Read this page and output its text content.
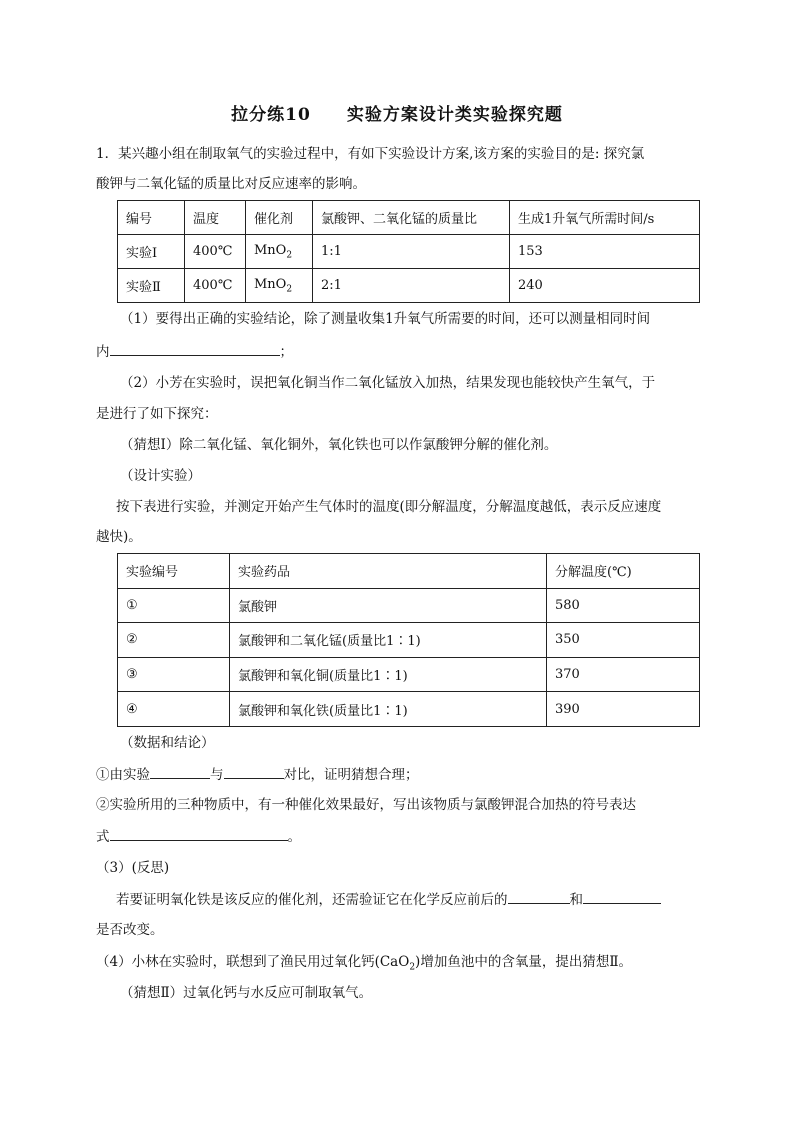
拉分练10　　实验方案设计类实验探究题
1．某兴趣小组在制取氧气的实验过程中，有如下实验设计方案,该方案的实验目的是: 探究氯
酸钾与二氧化锰的质量比对反应速率的影响。
编号	温度	催化剂	氯酸钾、二氧化锰的质量比	生成1升氧气所需时间/s
实验Ⅰ	400℃	MnO$_2$	1:1	153
实验Ⅱ	400℃	MnO$_2$	2:1	240
（1）要得出正确的实验结论，除了测量收集1升氧气所需要的时间，还可以测量相同时间
内	；
（2）小芳在实验时，误把氧化铜当作二氧化锰放入加热，结果发现也能较快产生氧气，于
是进行了如下探究：
（猜想Ⅰ）除二氧化锰、氧化铜外，氧化铁也可以作氯酸钾分解的催化剂。
（设计实验）
按下表进行实验，并测定开始产生气体时的温度(即分解温度，分解温度越低，表示反应速度
越快)。
实验编号	实验药品	分解温度(℃)
①	氯酸钾	580
②	氯酸钾和二氧化锰(质量比1∶1)	350
③	氯酸钾和氧化铜(质量比1∶1)	370
④	氯酸钾和氧化铁(质量比1∶1)	390
（数据和结论）
①由实验	与	对比，证明猜想合理；
②实验所用的三种物质中，有一种催化效果最好，写出该物质与氯酸钾混合加热的符号表达
式	。
（3）(反思)
若要证明氧化铁是该反应的催化剂，还需验证它在化学反应前后的	和
是否改变。
（4）小林在实验时，联想到了渔民用过氧化钙(CaO$_2$)增加鱼池中的含氧量，提出猜想Ⅱ。
（猜想Ⅱ）过氧化钙与水反应可制取氧气。
